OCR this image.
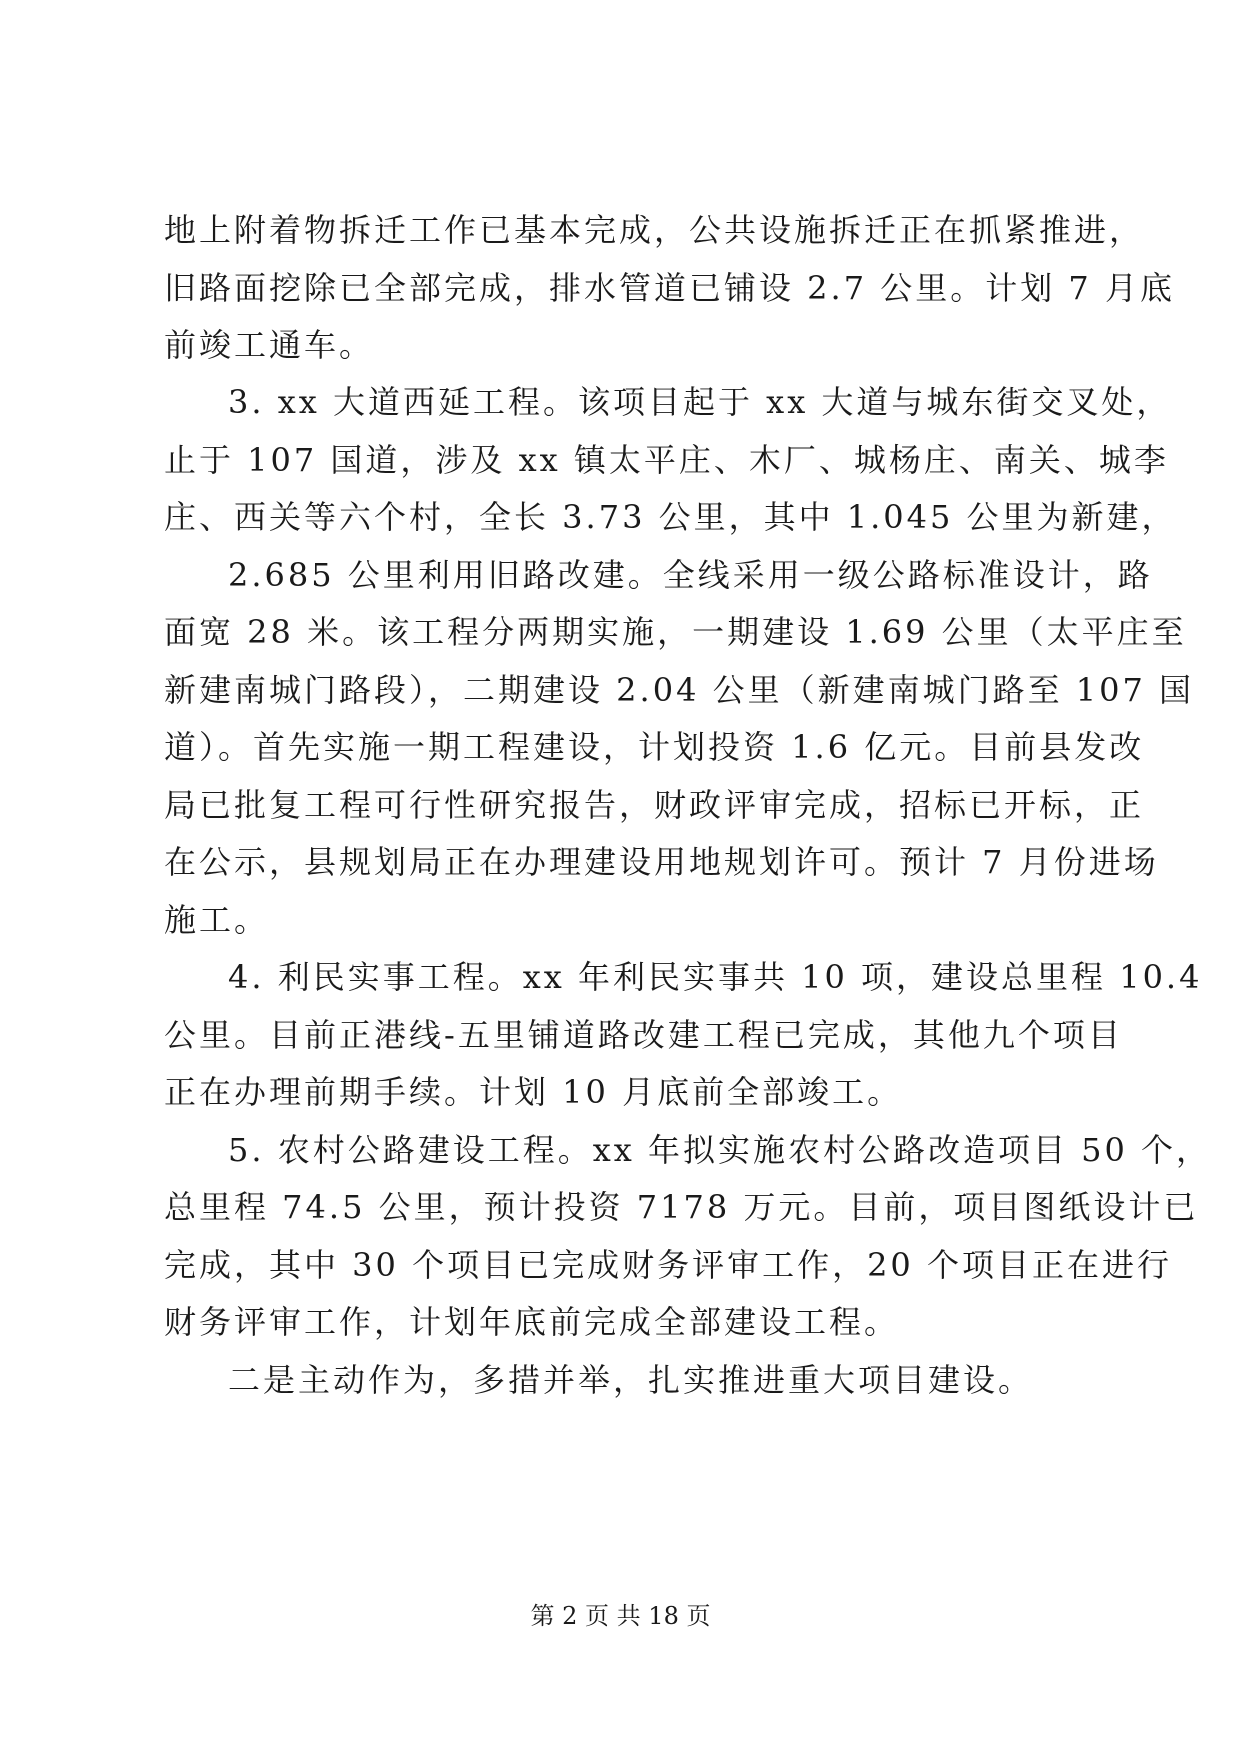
地上附着物拆迁工作已基本完成，公共设施拆迁正在抓紧推进，
旧路面挖除已全部完成，排水管道已铺设 2.7 公里。计划 7 月底
前竣工通车。
3. xx 大道西延工程。该项目起于 xx 大道与城东街交叉处，
止于 107 国道，涉及 xx 镇太平庄、木厂、城杨庄、南关、城李
庄、西关等六个村，全长 3.73 公里，其中 1.045 公里为新建，
2.685 公里利用旧路改建。全线采用一级公路标准设计，路
面宽 28 米。该工程分两期实施，一期建设 1.69 公里（太平庄至
新建南城门路段），二期建设 2.04 公里（新建南城门路至 107 国
道）。首先实施一期工程建设，计划投资 1.6 亿元。目前县发改
局已批复工程可行性研究报告，财政评审完成，招标已开标，正
在公示，县规划局正在办理建设用地规划许可。预计 7 月份进场
施工。
4. 利民实事工程。xx 年利民实事共 10 项，建设总里程 10.4
公里。目前正港线-五里铺道路改建工程已完成，其他九个项目
正在办理前期手续。计划 10 月底前全部竣工。
5. 农村公路建设工程。xx 年拟实施农村公路改造项目 50 个，
总里程 74.5 公里，预计投资 7178 万元。目前，项目图纸设计已
完成，其中 30 个项目已完成财务评审工作，20 个项目正在进行
财务评审工作，计划年底前完成全部建设工程。
二是主动作为，多措并举，扎实推进重大项目建设。
第 2 页 共 18 页
